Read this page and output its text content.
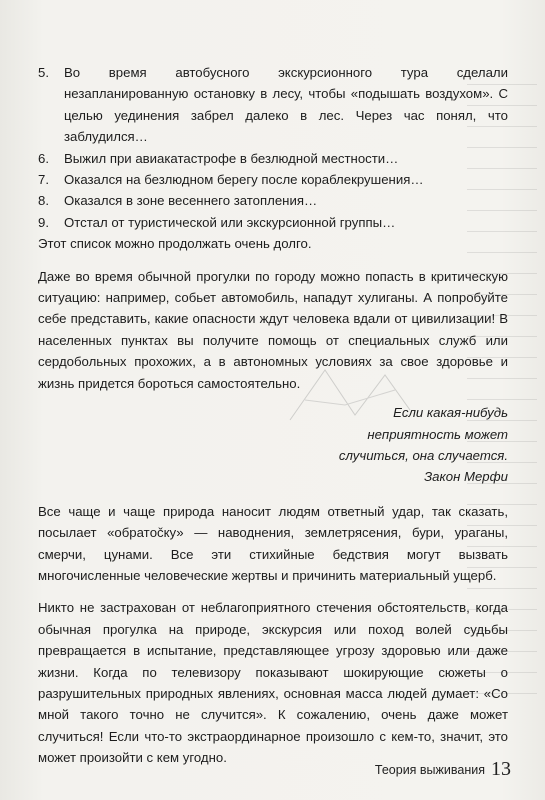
5.	Во время автобусного экскурсионного тура сделали незапланированную остановку в лесу, чтобы «подышать воздухом». С целью уединения забрел далеко в лес. Через час понял, что заблудился…
6.	Выжил при авиакатастрофе в безлюдной местности…
7.	Оказался на безлюдном берегу после кораблекрушения…
8.	Оказался в зоне весеннего затопления…
9.	Отстал от туристической или экскурсионной группы…

Этот список можно продолжать очень долго.

Даже во время обычной прогулки по городу можно попасть в критическую ситуацию: например, собьет автомобиль, нападут хулиганы. А попробуйте себе представить, какие опасности ждут человека вдали от цивилизации! В населенных пунктах вы получите помощь от специальных служб или сердобольных прохожих, а в автономных условиях за свое здоровье и жизнь придется бороться самостоятельно.

Если какая-нибудь
неприятность может
случиться, она случается.
Закон Мерфи

Все чаще и чаще природа наносит людям ответный удар, так сказать, посылает «обратočку» — наводнения, землетрясения, бури, ураганы, смерчи, цунами. Все эти стихийные бедствия могут вызвать многочисленные человеческие жертвы и причинить материальный ущерб.

Никто не застрахован от неблагоприятного стечения обстоятельств, когда обычная прогулка на природе, экскурсия или поход волей судьбы превращается в испытание, представляющее угрозу здоровью или даже жизни. Когда по телевизору показывают шокирующие сюжеты о разрушительных природных явлениях, основная масса людей думает: «Со мной такого точно не случится». К сожалению, очень даже может случиться! Если что-то экстраординарное произошло с кем-то, значит, это может произойти с кем угодно.

Теория выживания 13
